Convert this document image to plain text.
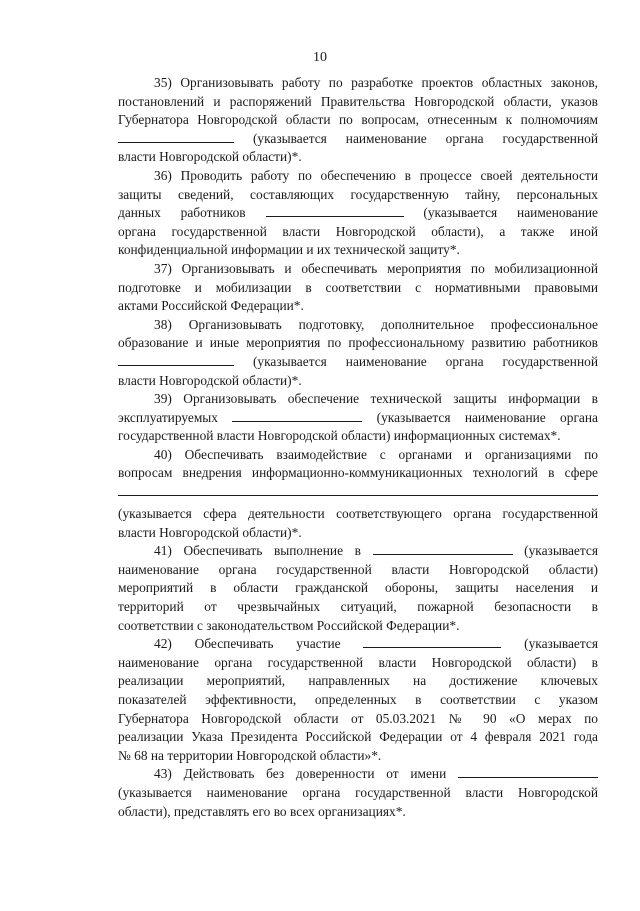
10
35) Организовывать работу по разработке проектов областных законов,
постановлений и распоряжений Правительства Новгородской области, указов
Губернатора Новгородской области по вопросам, отнесенным к полномочиям
(указывается наименование органа государственной
власти Новгородской области)*.
36) Проводить работу по обеспечению в процессе своей деятельности
защиты сведений, составляющих государственную тайну, персональных
данных работников	(указывается наименование
органа государственной власти Новгородской области), а также иной
конфиденциальной информации и их технической защиту*.
37) Организовывать и обеспечивать мероприятия по мобилизационной
подготовке и мобилизации в соответствии с нормативными правовыми
актами Российской Федерации*.
38) Организовывать подготовку, дополнительное профессиональное
образование и иные мероприятия по профессиональному развитию работников
(указывается наименование органа государственной
власти Новгородской области)*.
39) Организовывать обеспечение технической защиты информации в
эксплуатируемых	(указывается наименование органа
государственной власти Новгородской области) информационных системах*.
40) Обеспечивать взаимодействие с органами и организациями по
вопросам внедрения информационно-коммуникационных технологий в сфере
(указывается сфера деятельности соответствующего органа государственной
власти Новгородской области)*.
41) Обеспечивать выполнение в	(указывается
наименование органа государственной власти Новгородской области)
мероприятий в области гражданской обороны, защиты населения и
территорий от чрезвычайных ситуаций, пожарной безопасности в
соответствии с законодательством Российской Федерации*.
42) Обеспечивать участие	(указывается
наименование органа государственной власти Новгородской области) в
реализации мероприятий, направленных на достижение ключевых
показателей эффективности, определенных в соответствии с указом
Губернатора Новгородской области от 05.03.2021 № 90 «О мерах по
реализации Указа Президента Российской Федерации от 4 февраля 2021 года
№ 68 на территории Новгородской области»*.
43) Действовать без доверенности от имени
(указывается наименование органа государственной власти Новгородской
области), представлять его во всех организациях*.
